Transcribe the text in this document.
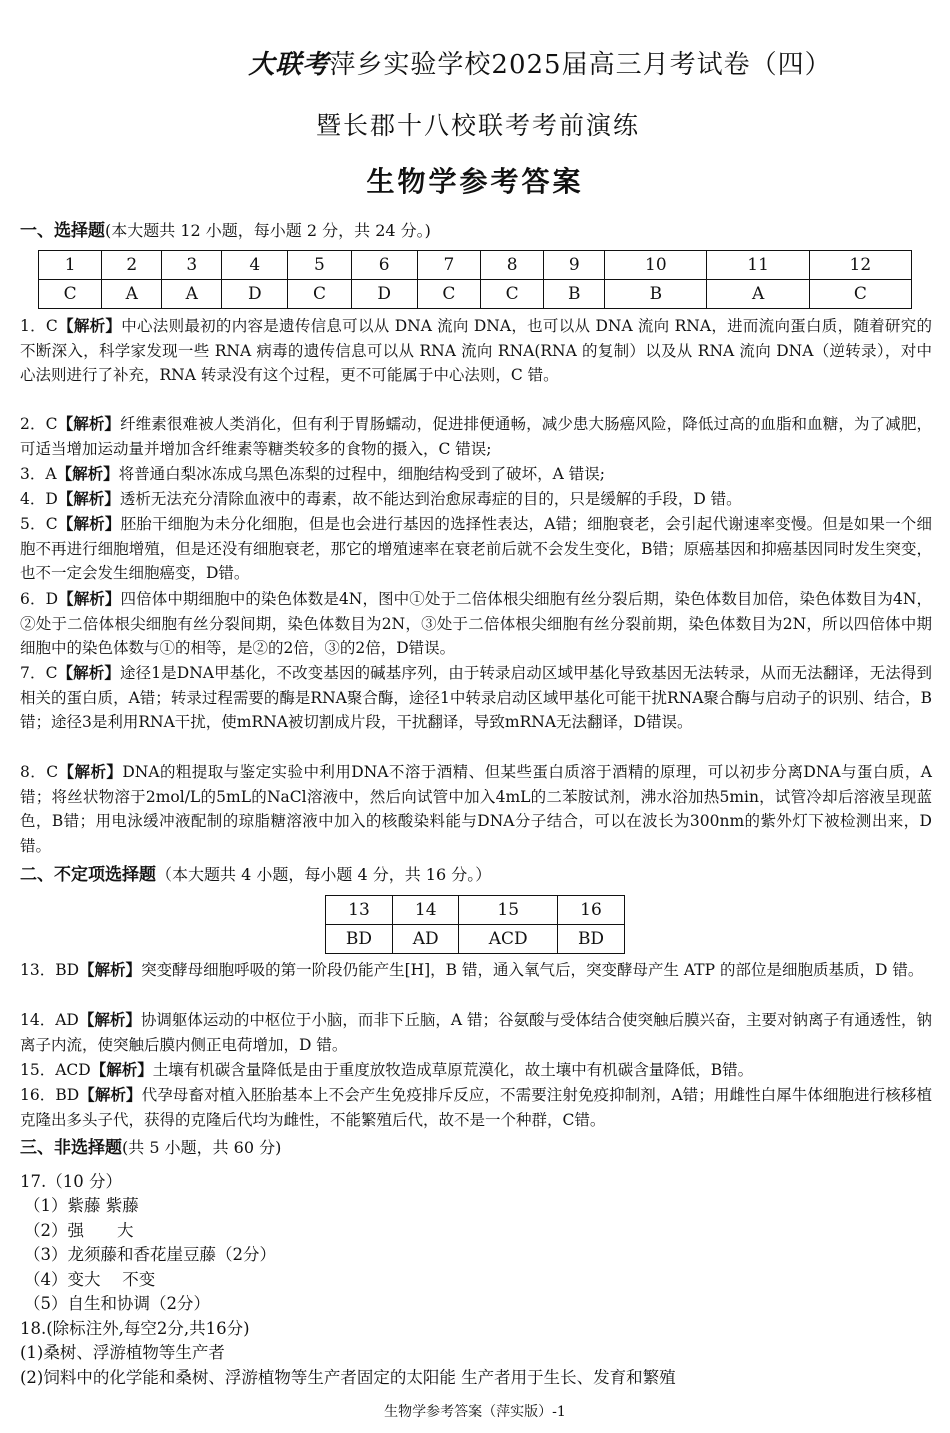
大联考萍乡实验学校2025届高三月考试卷（四）
暨长郡十八校联考考前演练
生物学参考答案
一、选择题(本大题共 12 小题，每小题 2 分，共 24 分。)
1	2	3	4	5	6	7	8	9	10	11	12
C	A	A	D	C	D	C	C	B	B	A	C
1．C【解析】中心法则最初的内容是遗传信息可以从 DNA 流向 DNA，也可以从 DNA 流向 RNA，进而流向蛋白质，随着研究的不断深入，科学家发现一些 RNA 病毒的遗传信息可以从 RNA 流向 RNA(RNA 的复制）以及从 RNA 流向 DNA（逆转录），对中心法则进行了补充，RNA 转录没有这个过程，更不可能属于中心法则，C 错。
2．C【解析】纤维素很难被人类消化，但有利于胃肠蠕动，促进排便通畅，减少患大肠癌风险，降低过高的血脂和血糖，为了减肥，可适当增加运动量并增加含纤维素等糖类较多的食物的摄入，C 错误;
3．A【解析】将普通白梨冰冻成乌黑色冻梨的过程中，细胞结构受到了破坏，A 错误;
4．D【解析】透析无法充分清除血液中的毒素，故不能达到治愈尿毒症的目的，只是缓解的手段，D 错。
5．C【解析】胚胎干细胞为未分化细胞，但是也会进行基因的选择性表达，A错；细胞衰老，会引起代谢速率变慢。但是如果一个细胞不再进行细胞增殖，但是还没有细胞衰老，那它的增殖速率在衰老前后就不会发生变化，B错；原癌基因和抑癌基因同时发生突变，也不一定会发生细胞癌变，D错。
6．D【解析】四倍体中期细胞中的染色体数是4N，图中①处于二倍体根尖细胞有丝分裂后期，染色体数目加倍，染色体数目为4N，②处于二倍体根尖细胞有丝分裂间期，染色体数目为2N，③处于二倍体根尖细胞有丝分裂前期，染色体数目为2N，所以四倍体中期细胞中的染色体数与①的相等，是②的2倍，③的2倍，D错误。
7．C【解析】途径1是DNA甲基化，不改变基因的碱基序列，由于转录启动区域甲基化导致基因无法转录，从而无法翻译，无法得到相关的蛋白质，A错；转录过程需要的酶是RNA聚合酶，途径1中转录启动区域甲基化可能干扰RNA聚合酶与启动子的识别、结合，B错；途径3是利用RNA干扰，使mRNA被切割成片段，干扰翻译，导致mRNA无法翻译，D错误。
8．C【解析】DNA的粗提取与鉴定实验中利用DNA不溶于酒精、但某些蛋白质溶于酒精的原理，可以初步分离DNA与蛋白质，A错；将丝状物溶于2mol/L的5mL的NaCl溶液中，然后向试管中加入4mL的二苯胺试剂，沸水浴加热5min，试管冷却后溶液呈现蓝色，B错；用电泳缓冲液配制的琼脂糖溶液中加入的核酸染料能与DNA分子结合，可以在波长为300nm的紫外灯下被检测出来，D错。
二、不定项选择题（本大题共 4 小题，每小题 4 分，共 16 分。）
13	14	15	16
BD	AD	ACD	BD
13．BD【解析】突变酵母细胞呼吸的第一阶段仍能产生[H]，B 错，通入氧气后，突变酵母产生 ATP 的部位是细胞质基质，D 错。
14．AD【解析】协调躯体运动的中枢位于小脑，而非下丘脑，A 错；谷氨酸与受体结合使突触后膜兴奋，主要对钠离子有通透性，钠离子内流，使突触后膜内侧正电荷增加，D 错。
15．ACD【解析】土壤有机碳含量降低是由于重度放牧造成草原荒漠化，故土壤中有机碳含量降低，B错。
16．BD【解析】代孕母畜对植入胚胎基本上不会产生免疫排斥反应，不需要注射免疫抑制剂，A错；用雌性白犀牛体细胞进行核移植克隆出多头子代，获得的克隆后代均为雌性，不能繁殖后代，故不是一个种群，C错。
三、非选择题(共 5 小题，共 60 分)
17.（10 分）
（1）紫藤 紫藤
（2）强　　大
（3）龙须藤和香花崖豆藤（2分）
（4）变大　 不变
（5）自生和协调（2分）
18.(除标注外,每空2分,共16分)
(1)桑树、浮游植物等生产者
(2)饲料中的化学能和桑树、浮游植物等生产者固定的太阳能 生产者用于生长、发育和繁殖
生物学参考答案（萍实版）-1
